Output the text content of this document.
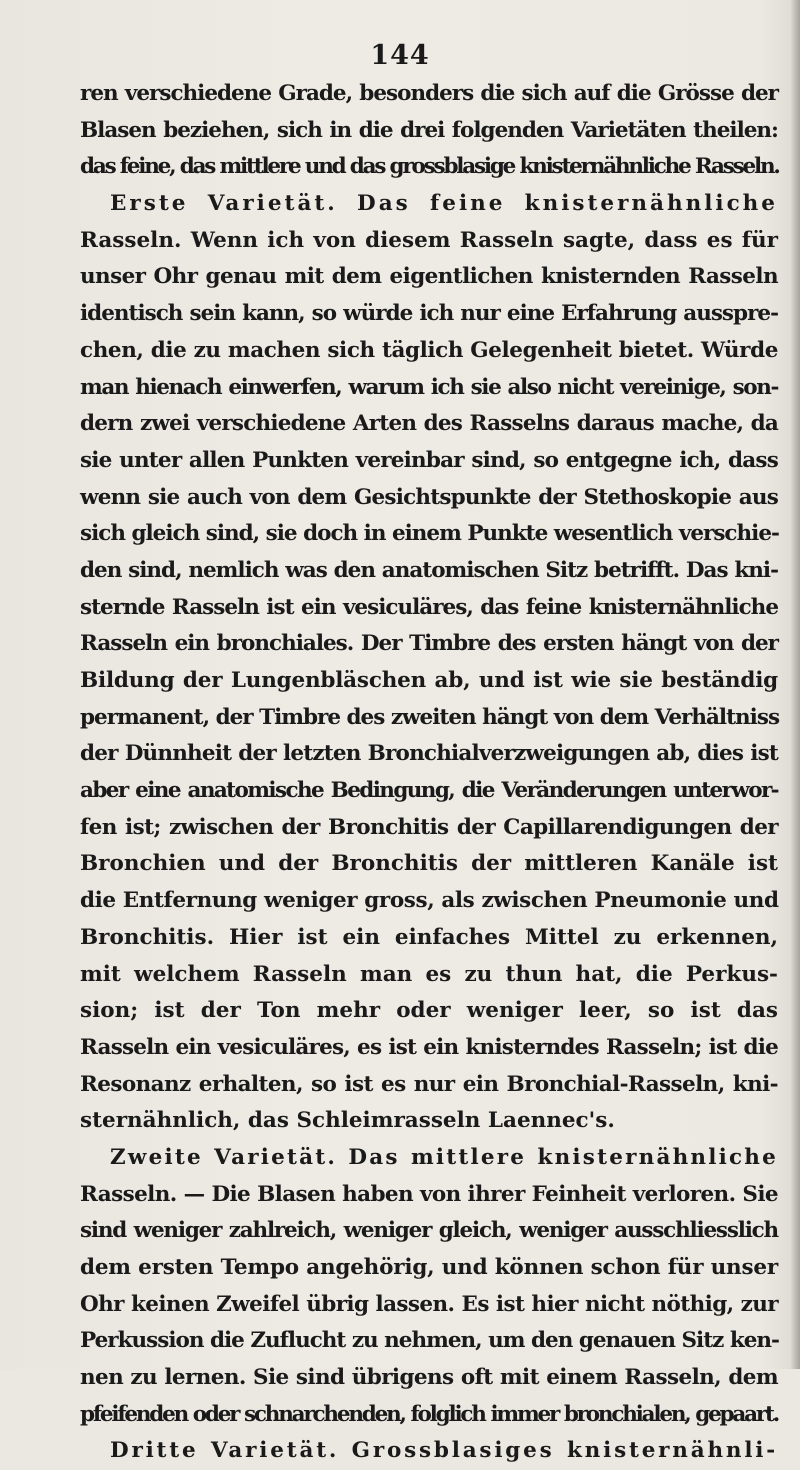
144
ren verschiedene Grade, besonders die sich auf die Grösse der
Blasen beziehen, sich in die drei folgenden Varietäten theilen:
das feine, das mittlere und das grossblasige knisternähnliche Rasseln.
Erste Varietät. Das feine knisternähnliche
Rasseln. Wenn ich von diesem Rasseln sagte, dass es für
unser Ohr genau mit dem eigentlichen knisternden Rasseln
identisch sein kann, so würde ich nur eine Erfahrung ausspre-
chen, die zu machen sich täglich Gelegenheit bietet. Würde
man hienach einwerfen, warum ich sie also nicht vereinige, son-
dern zwei verschiedene Arten des Rasselns daraus mache, da
sie unter allen Punkten vereinbar sind, so entgegne ich, dass
wenn sie auch von dem Gesichtspunkte der Stethoskopie aus
sich gleich sind, sie doch in einem Punkte wesentlich verschie-
den sind, nemlich was den anatomischen Sitz betrifft. Das kni-
sternde Rasseln ist ein vesiculäres, das feine knisternähnliche
Rasseln ein bronchiales. Der Timbre des ersten hängt von der
Bildung der Lungenbläschen ab, und ist wie sie beständig
permanent, der Timbre des zweiten hängt von dem Verhältniss
der Dünnheit der letzten Bronchialverzweigungen ab, dies ist
aber eine anatomische Bedingung, die Veränderungen unterwor-
fen ist; zwischen der Bronchitis der Capillarendigungen der
Bronchien und der Bronchitis der mittleren Kanäle ist
die Entfernung weniger gross, als zwischen Pneumonie und
Bronchitis. Hier ist ein einfaches Mittel zu erkennen,
mit welchem Rasseln man es zu thun hat, die Perkus-
sion; ist der Ton mehr oder weniger leer, so ist das
Rasseln ein vesiculäres, es ist ein knisterndes Rasseln; ist die
Resonanz erhalten, so ist es nur ein Bronchial-Rasseln, kni-
sternähnlich, das Schleimrasseln Laennec's.
Zweite Varietät. Das mittlere knisternähnliche
Rasseln. — Die Blasen haben von ihrer Feinheit verloren. Sie
sind weniger zahlreich, weniger gleich, weniger ausschliesslich
dem ersten Tempo angehörig, und können schon für unser
Ohr keinen Zweifel übrig lassen. Es ist hier nicht nöthig, zur
Perkussion die Zuflucht zu nehmen, um den genauen Sitz ken-
nen zu lernen. Sie sind übrigens oft mit einem Rasseln, dem
pfeifenden oder schnarchenden, folglich immer bronchialen, gepaart.
Dritte Varietät. Grossblasiges knisternähnli-
